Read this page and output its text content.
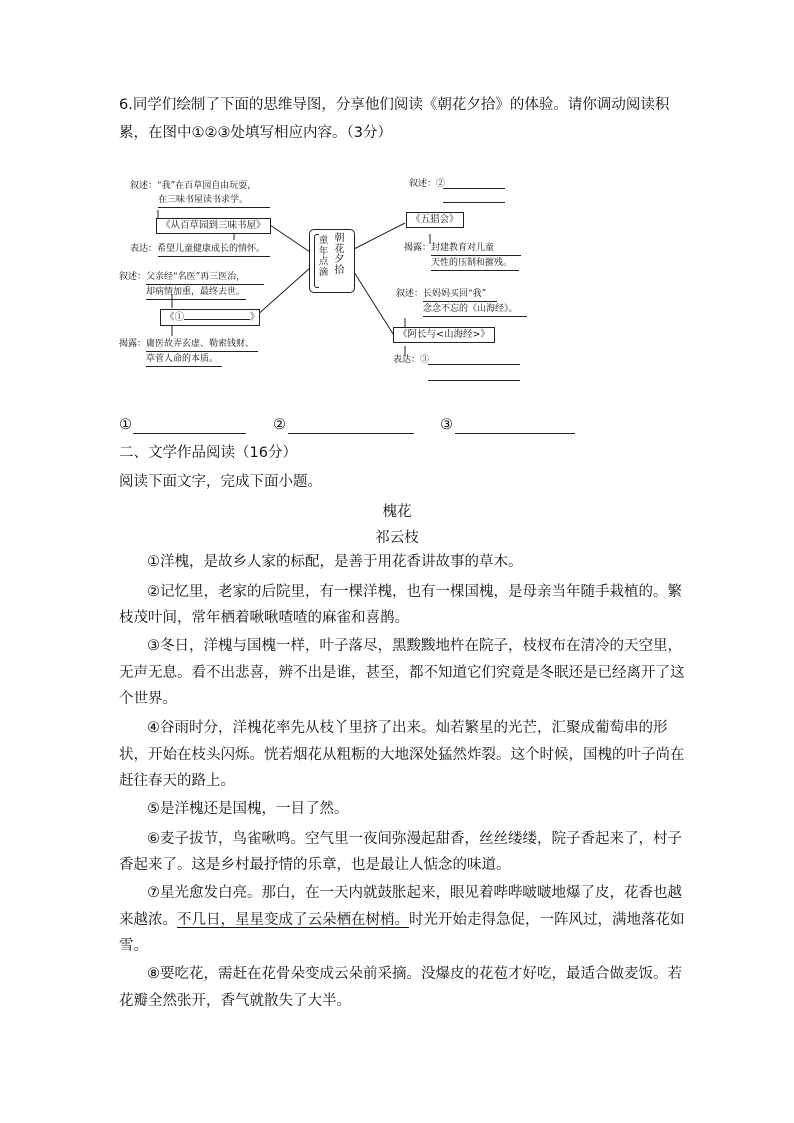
6.同学们绘制了下面的思维导图，分享他们阅读《朝花夕拾》的体验。请你调动阅读积
累，在图中①②③处填写相应内容。（3分）
叙述：“我”在百草园自由玩耍，
在三味书屋读书求学。
《从百草园到三味书屋》
表达：希望儿童健康成长的情怀。
叙述：父亲经“名医”再三医治，
却病情加重，最终去世。
《①	》
揭露：庸医故弄玄虚、勒索钱财、
草菅人命的本质。
朝花夕拾
童年点滴
叙述：②
《五猖会》
揭露：封建教育对儿童
天性的压制和摧残。
叙述：长妈妈买回“我”
念念不忘的《山海经》。
《阿长与<山海经>》
表达：③
①	②	③
二、文学作品阅读（16分）
阅读下面文字，完成下面小题。
槐花
祁云枝
①洋槐，是故乡人家的标配，是善于用花香讲故事的草木。
②记忆里，老家的后院里，有一棵洋槐，也有一棵国槐，是母亲当年随手栽植的。繁
枝茂叶间，常年栖着啾啾喳喳的麻雀和喜鹊。
③冬日，洋槐与国槐一样，叶子落尽，黑黢黢地杵在院子，枝杈布在清冷的天空里，
无声无息。看不出悲喜，辨不出是谁，甚至，都不知道它们究竟是冬眠还是已经离开了这
个世界。
④谷雨时分，洋槐花率先从枝丫里挤了出来。灿若繁星的光芒，汇聚成葡萄串的形
状，开始在枝头闪烁。恍若烟花从粗粝的大地深处猛然炸裂。这个时候，国槐的叶子尚在
赶往春天的路上。
⑤是洋槐还是国槐，一目了然。
⑥麦子拔节，鸟雀啾鸣。空气里一夜间弥漫起甜香，丝丝缕缕，院子香起来了，村子
香起来了。这是乡村最抒情的乐章，也是最让人惦念的味道。
⑦星光愈发白亮。那白，在一天内就鼓胀起来，眼见着哔哔啵啵地爆了皮，花香也越
来越浓。不几日，星星变成了云朵栖在树梢。时光开始走得急促，一阵风过，满地落花如
雪。
⑧要吃花，需赶在花骨朵变成云朵前采摘。没爆皮的花苞才好吃，最适合做麦饭。若
花瓣全然张开，香气就散失了大半。
